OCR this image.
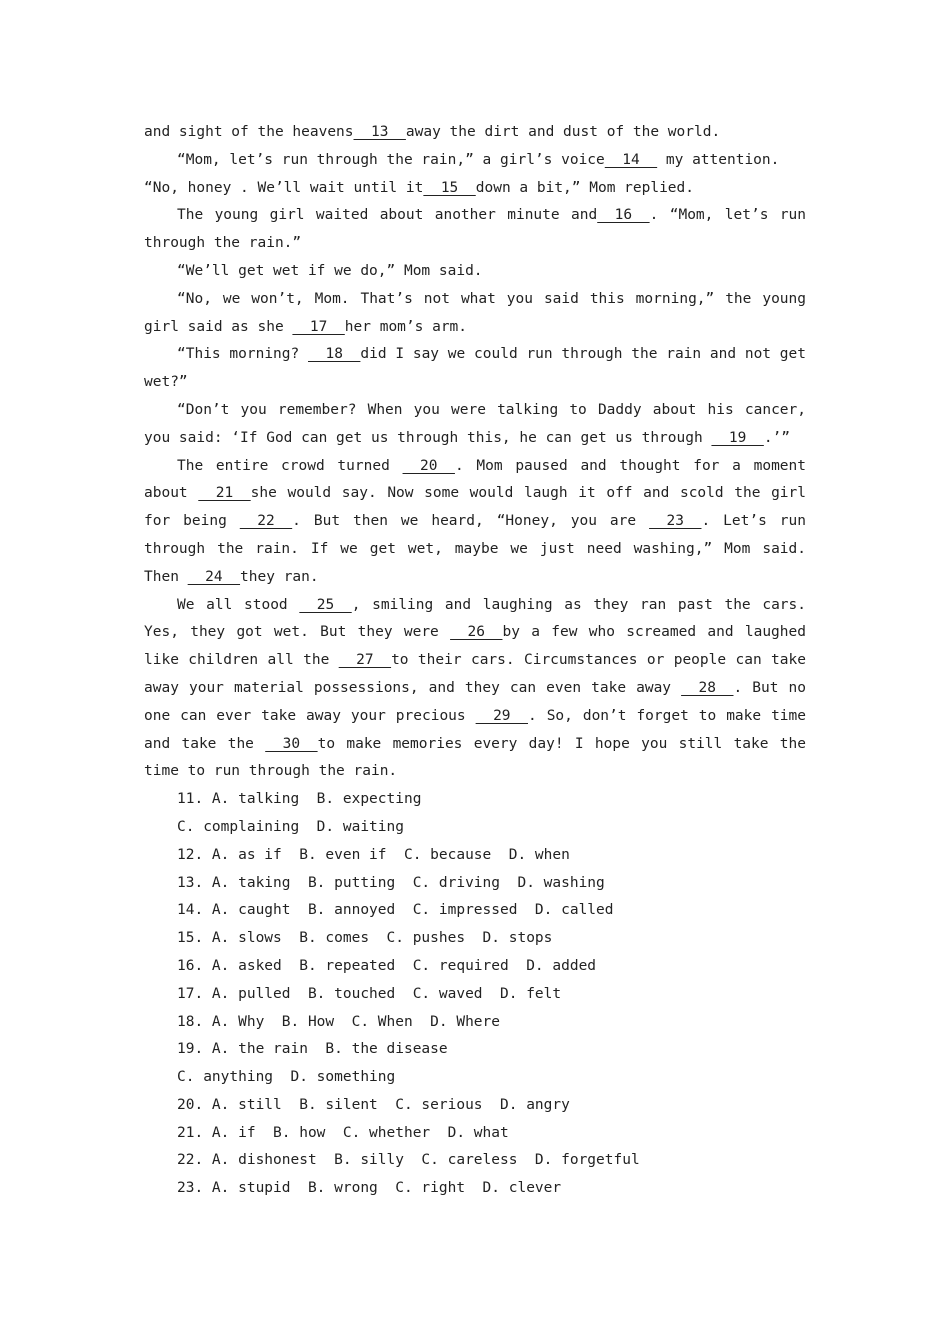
and sight of the heavens  13  away the dirt and dust of the world.

“Mom, let’s run through the rain,” a girl’s voice  14   my attention.

“No, honey . We’ll wait until it  15  down a bit,” Mom replied.

The young girl waited about another minute and  16  . “Mom, let’s run through the rain.”

“We’ll get wet if we do,” Mom said.

“No, we won’t, Mom. That’s not what you said this morning,” the young girl said as she   17  her mom’s arm.

“This morning?   18  did I say we could run through the rain and not get wet?”

“Don’t you remember? When you were talking to Daddy about his cancer, you said: ‘If God can get us through this, he can get us through   19  .’”

The entire crowd turned   20  . Mom paused and thought for a moment about   21  she would say. Now some would laugh it off and scold the girl for being   22  . But then we heard, “Honey, you are   23  . Let’s run through the rain. If we get wet, maybe we just need washing,” Mom said. Then   24  they ran.

We all stood   25  , smiling and laughing as they ran past the cars. Yes, they got wet. But they were   26  by a few who screamed and laughed like children all the   27  to their cars. Circumstances or people can take away your material possessions, and they can even take away   28  . But no one can ever take away your precious   29  . So, don’t forget to make time and take the   30  to make memories every day! I hope you still take the time to run through the rain.

11. A. talking  B. expecting

C. complaining  D. waiting

12. A. as if  B. even if  C. because  D. when

13. A. taking  B. putting  C. driving  D. washing

14. A. caught  B. annoyed  C. impressed  D. called

15. A. slows  B. comes  C. pushes  D. stops

16. A. asked  B. repeated  C. required  D. added

17. A. pulled  B. touched  C. waved  D. felt

18. A. Why  B. How  C. When  D. Where

19. A. the rain  B. the disease

C. anything  D. something

20. A. still  B. silent  C. serious  D. angry

21. A. if  B. how  C. whether  D. what

22. A. dishonest  B. silly  C. careless  D. forgetful

23. A. stupid  B. wrong  C. right  D. clever
